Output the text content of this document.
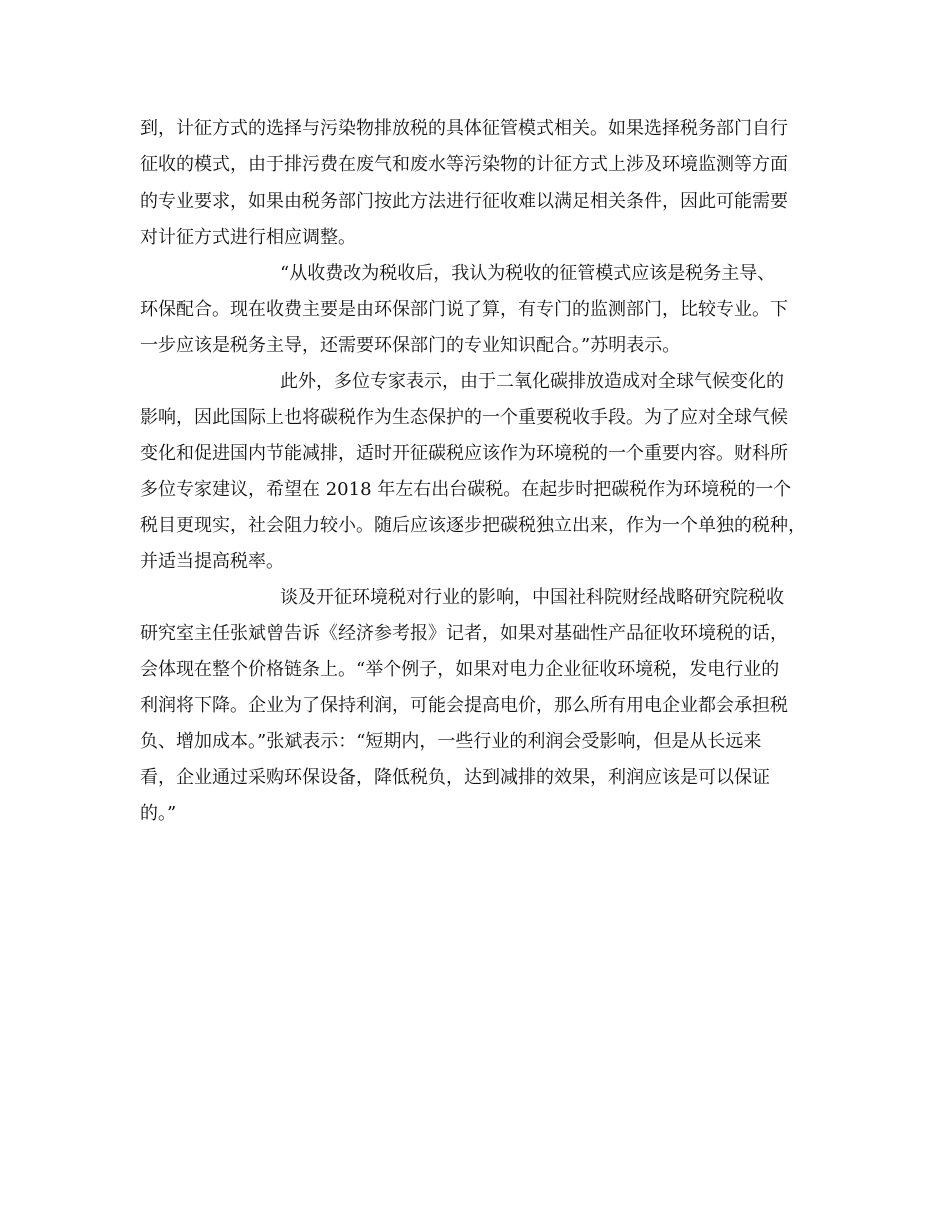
到，计征方式的选择与污染物排放税的具体征管模式相关。如果选择税务部门自行
征收的模式，由于排污费在废气和废水等污染物的计征方式上涉及环境监测等方面
的专业要求，如果由税务部门按此方法进行征收难以满足相关条件，因此可能需要
对计征方式进行相应调整。
“从收费改为税收后，我认为税收的征管模式应该是税务主导、
环保配合。现在收费主要是由环保部门说了算，有专门的监测部门，比较专业。下
一步应该是税务主导，还需要环保部门的专业知识配合。”苏明表示。
此外，多位专家表示，由于二氧化碳排放造成对全球气候变化的
影响，因此国际上也将碳税作为生态保护的一个重要税收手段。为了应对全球气候
变化和促进国内节能减排，适时开征碳税应该作为环境税的一个重要内容。财科所
多位专家建议，希望在 2018 年左右出台碳税。在起步时把碳税作为环境税的一个
税目更现实，社会阻力较小。随后应该逐步把碳税独立出来，作为一个单独的税种，
并适当提高税率。
谈及开征环境税对行业的影响，中国社科院财经战略研究院税收
研究室主任张斌曾告诉《经济参考报》记者，如果对基础性产品征收环境税的话，
会体现在整个价格链条上。“举个例子，如果对电力企业征收环境税，发电行业的
利润将下降。企业为了保持利润，可能会提高电价，那么所有用电企业都会承担税
负、增加成本。”张斌表示：“短期内，一些行业的利润会受影响，但是从长远来
看，企业通过采购环保设备，降低税负，达到减排的效果，利润应该是可以保证
的。”
